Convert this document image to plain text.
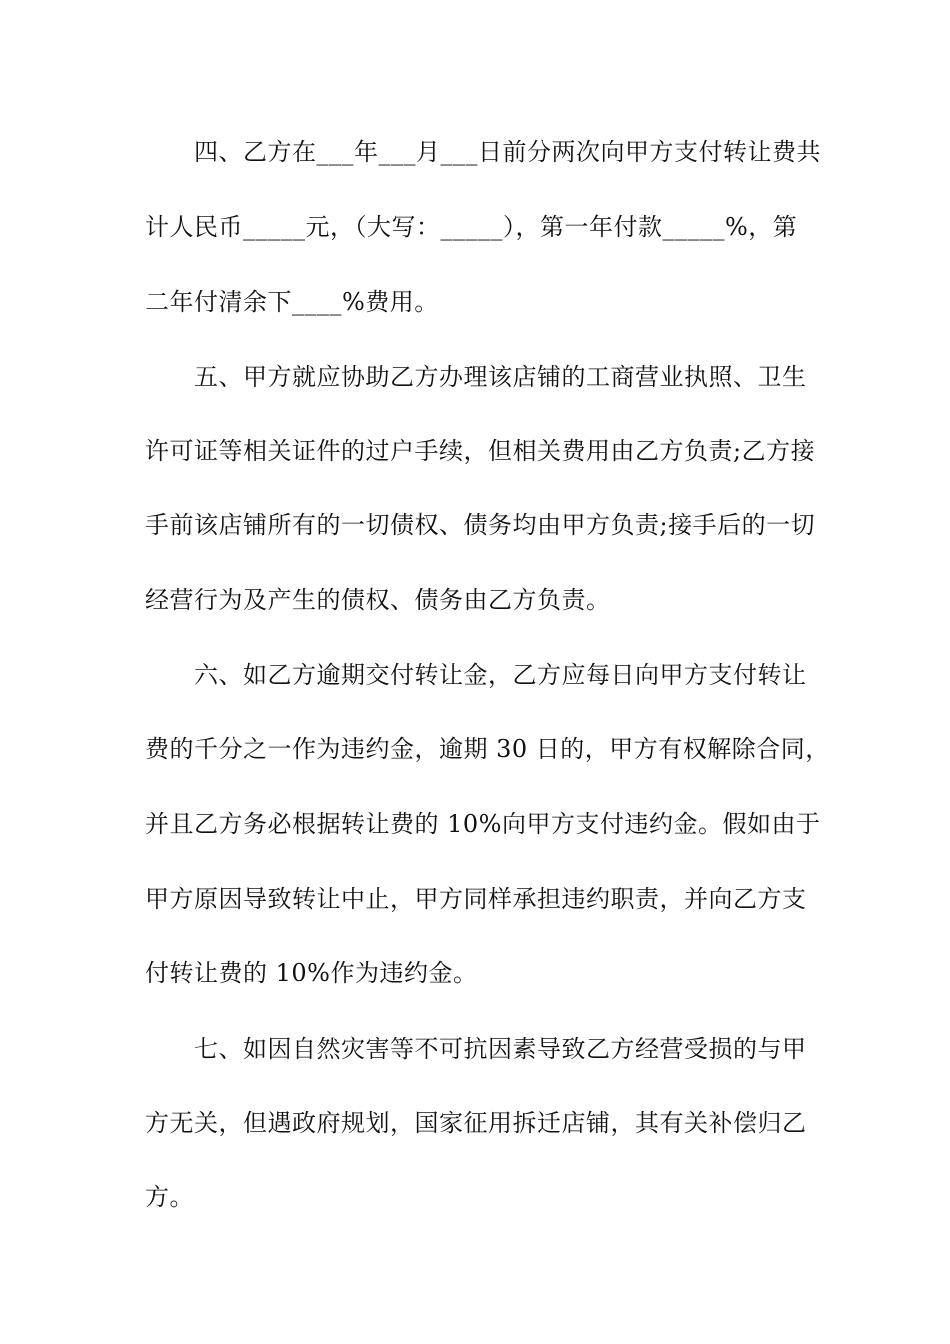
　　四、乙方在___年___月___日前分两次向甲方支付转让费共

计人民币_____元，（大写：_____），第一年付款_____%，第

二年付清余下____%费用。

　　五、甲方就应协助乙方办理该店铺的工商营业执照、卫生

许可证等相关证件的过户手续，但相关费用由乙方负责;乙方接

手前该店铺所有的一切债权、债务均由甲方负责;接手后的一切

经营行为及产生的债权、债务由乙方负责。

　　六、如乙方逾期交付转让金，乙方应每日向甲方支付转让

费的千分之一作为违约金，逾期 30 日的，甲方有权解除合同，

并且乙方务必根据转让费的 10%向甲方支付违约金。假如由于

甲方原因导致转让中止，甲方同样承担违约职责，并向乙方支

付转让费的 10%作为违约金。

　　七、如因自然灾害等不可抗因素导致乙方经营受损的与甲

方无关，但遇政府规划，国家征用拆迁店铺，其有关补偿归乙

方。
